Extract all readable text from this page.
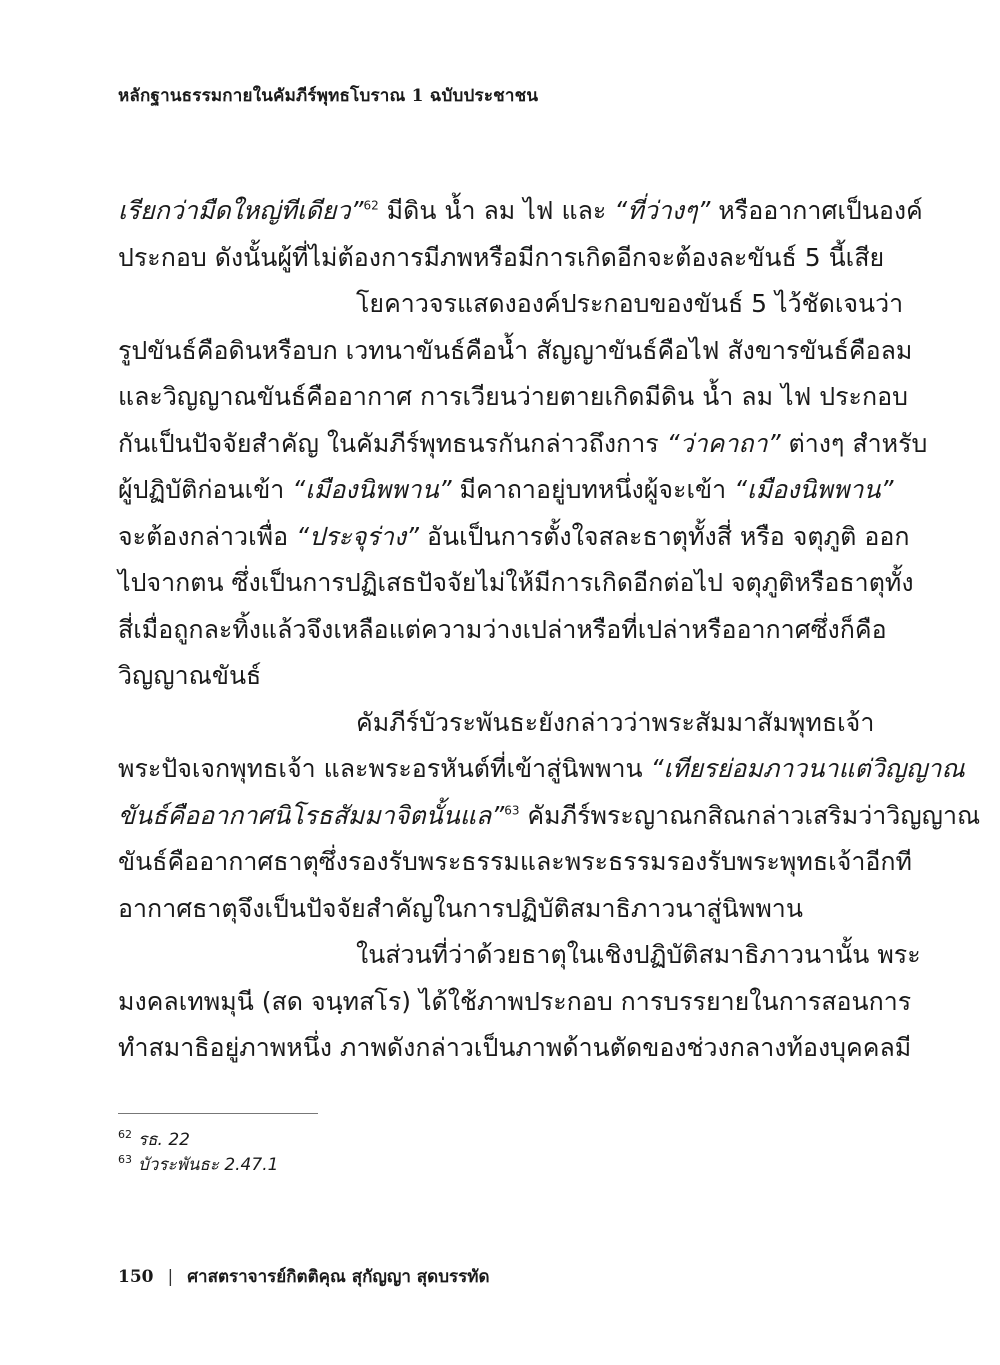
หลักฐานธรรมกายในคัมภีร์พุทธโบราณ 1 ฉบับประชาชน
เรียกว่ามืดใหญ่ทีเดียว”$^{62}$ มีดิน น้ำ ลม ไฟ และ “ที่ว่างๆ” หรืออากาศเป็นองค์
ประกอบ ดังนั้นผู้ที่ไม่ต้องการมีภพหรือมีการเกิดอีกจะต้องละขันธ์ 5 นี้เสีย
โยคาวจรแสดงองค์ประกอบของขันธ์ 5 ไว้ชัดเจนว่า
รูปขันธ์คือดินหรือบก เวทนาขันธ์คือน้ำ สัญญาขันธ์คือไฟ สังขารขันธ์คือลม
และวิญญาณขันธ์คืออากาศ การเวียนว่ายตายเกิดมีดิน น้ำ ลม ไฟ ประกอบ
กันเป็นปัจจัยสำคัญ ในคัมภีร์พุทธนรกันกล่าวถึงการ “ว่าคาถา” ต่างๆ สำหรับ
ผู้ปฏิบัติก่อนเข้า “เมืองนิพพาน” มีคาถาอยู่บทหนึ่งผู้จะเข้า “เมืองนิพพาน”
จะต้องกล่าวเพื่อ “ประจุร่าง” อันเป็นการตั้งใจสละธาตุทั้งสี่ หรือ จตุภูติ ออก
ไปจากตน ซึ่งเป็นการปฏิเสธปัจจัยไม่ให้มีการเกิดอีกต่อไป จตุภูติหรือธาตุทั้ง
สี่เมื่อถูกละทิ้งแล้วจึงเหลือแต่ความว่างเปล่าหรือที่เปล่าหรืออากาศซึ่งก็คือ
วิญญาณขันธ์
คัมภีร์บัวระพันธะยังกล่าวว่าพระสัมมาสัมพุทธเจ้า
พระปัจเจกพุทธเจ้า และพระอรหันต์ที่เข้าสู่นิพพาน “เทียรย่อมภาวนาแต่วิญญาณ
ขันธ์คืออากาศนิโรธสัมมาจิตนั้นแล”$^{63}$ คัมภีร์พระญาณกสิณกล่าวเสริมว่าวิญญาณ
ขันธ์คืออากาศธาตุซึ่งรองรับพระธรรมและพระธรรมรองรับพระพุทธเจ้าอีกที
อากาศธาตุจึงเป็นปัจจัยสำคัญในการปฏิบัติสมาธิภาวนาสู่นิพพาน
ในส่วนที่ว่าด้วยธาตุในเชิงปฏิบัติสมาธิภาวนานั้น พระ
มงคลเทพมุนี (สด จนฺทสโร) ได้ใช้ภาพประกอบ การบรรยายในการสอนการ
ทำสมาธิอยู่ภาพหนึ่ง ภาพดังกล่าวเป็นภาพด้านตัดของช่วงกลางท้องบุคคลมี
$^{62}$ รธ. 22
$^{63}$ บัวระพันธะ 2.47.1
150 | ศาสตราจารย์กิตติคุณ สุกัญญา สุดบรรทัด
